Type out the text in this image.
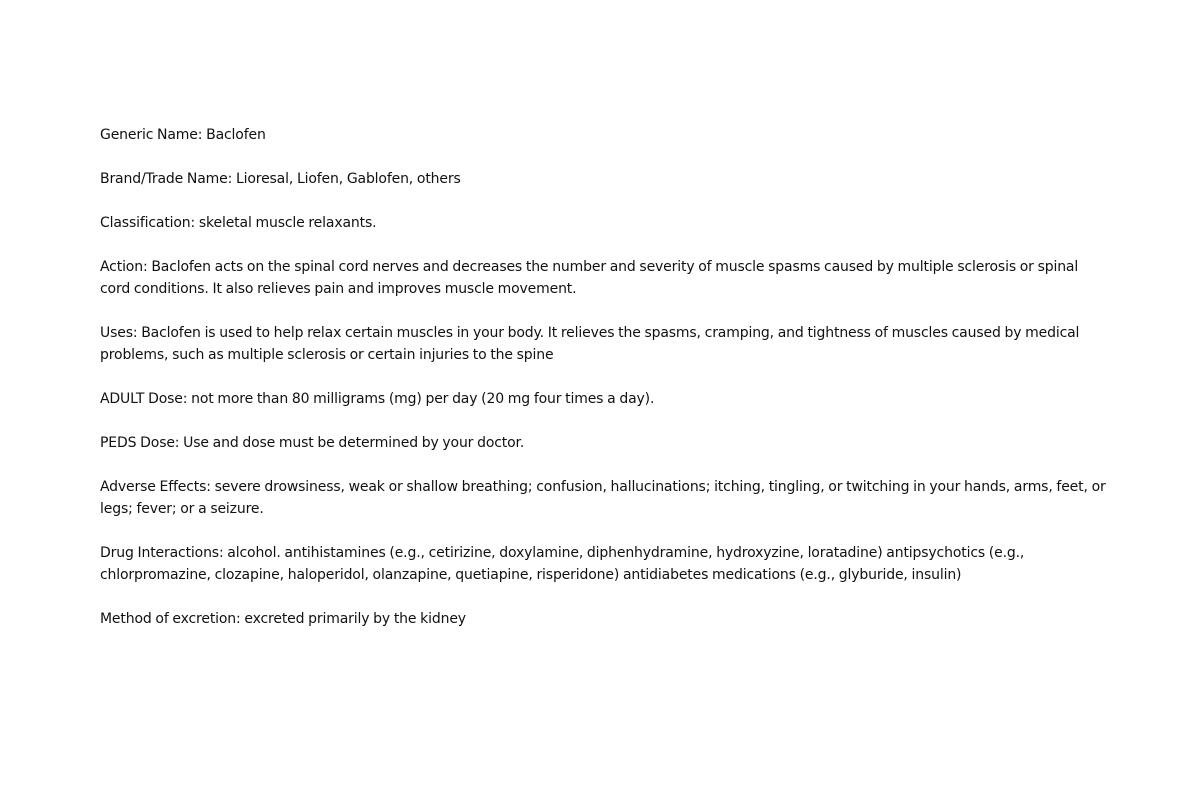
Generic Name: Baclofen

Brand/Trade Name: Lioresal, Liofen, Gablofen, others

Classification: skeletal muscle relaxants.

Action: Baclofen acts on the spinal cord nerves and decreases the number and severity of muscle spasms caused by multiple sclerosis or spinal cord conditions. It also relieves pain and improves muscle movement.

Uses: Baclofen is used to help relax certain muscles in your body. It relieves the spasms, cramping, and tightness of muscles caused by medical problems, such as multiple sclerosis or certain injuries to the spine

ADULT Dose: not more than 80 milligrams (mg) per day (20 mg four times a day).

PEDS Dose: Use and dose must be determined by your doctor.

Adverse Effects: severe drowsiness, weak or shallow breathing; confusion, hallucinations; itching, tingling, or twitching in your hands, arms, feet, or legs; fever; or a seizure.

Drug Interactions: alcohol. antihistamines (e.g., cetirizine, doxylamine, diphenhydramine, hydroxyzine, loratadine) antipsychotics (e.g., chlorpromazine, clozapine, haloperidol, olanzapine, quetiapine, risperidone) antidiabetes medications (e.g., glyburide, insulin)

Method of excretion: excreted primarily by the kidney
